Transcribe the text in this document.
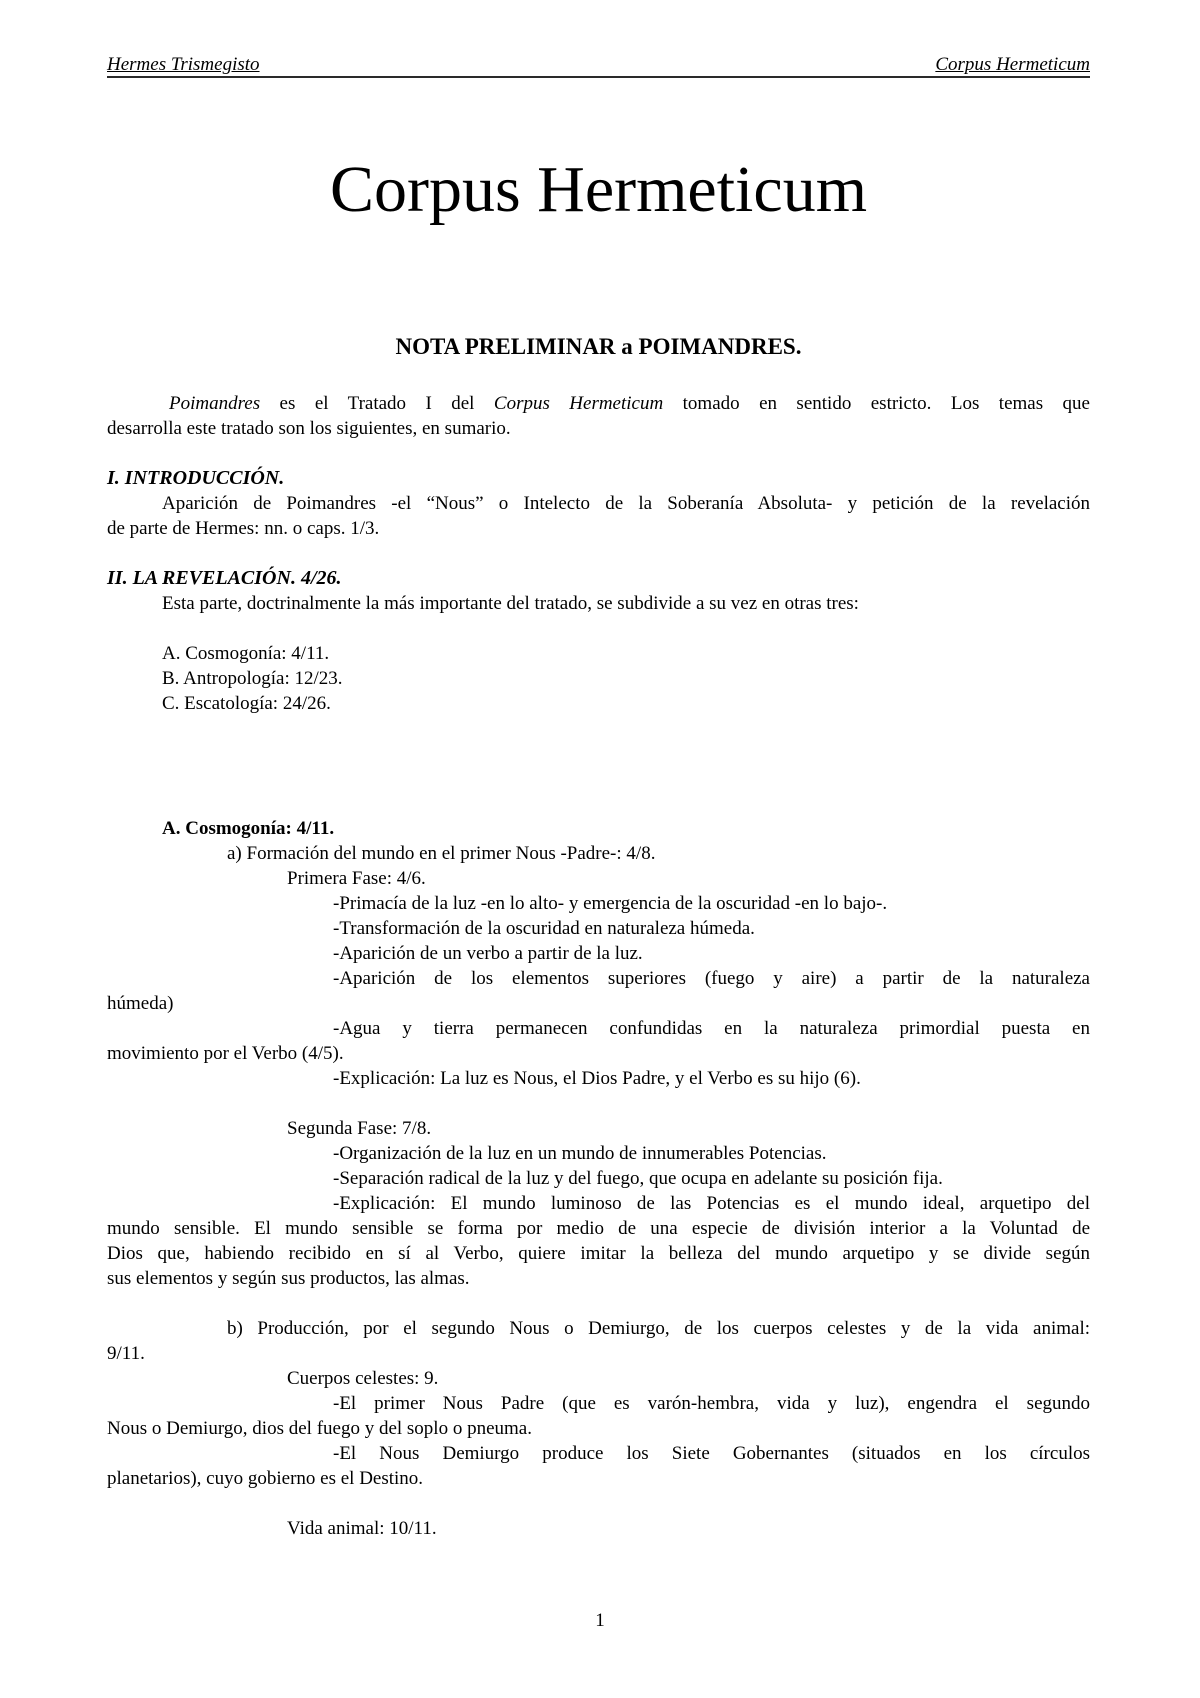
Hermes Trismegisto	Corpus Hermeticum
Corpus Hermeticum
NOTA PRELIMINAR a POIMANDRES.
Poimandres es el Tratado I del Corpus Hermeticum tomado en sentido estricto. Los temas que
desarrolla este tratado son los siguientes, en sumario.
I. INTRODUCCIÓN.
Aparición de Poimandres -el “Nous” o Intelecto de la Soberanía Absoluta- y petición de la revelación
de parte de Hermes: nn. o caps. 1/3.
II. LA REVELACIÓN. 4/26.
Esta parte, doctrinalmente la más importante del tratado, se subdivide a su vez en otras tres:
A. Cosmogonía: 4/11.
B. Antropología: 12/23.
C. Escatología: 24/26.
A. Cosmogonía: 4/11.
a) Formación del mundo en el primer Nous -Padre-: 4/8.
Primera Fase: 4/6.
-Primacía de la luz -en lo alto- y emergencia de la oscuridad -en lo bajo-.
-Transformación de la oscuridad en naturaleza húmeda.
-Aparición de un verbo a partir de la luz.
-Aparición de los elementos superiores (fuego y aire) a partir de la naturaleza
húmeda)
-Agua y tierra permanecen confundidas en la naturaleza primordial puesta en
movimiento por el Verbo (4/5).
-Explicación: La luz es Nous, el Dios Padre, y el Verbo es su hijo (6).
Segunda Fase: 7/8.
-Organización de la luz en un mundo de innumerables Potencias.
-Separación radical de la luz y del fuego, que ocupa en adelante su posición fija.
-Explicación: El mundo luminoso de las Potencias es el mundo ideal, arquetipo del
mundo sensible. El mundo sensible se forma por medio de una especie de división interior a la Voluntad de
Dios que, habiendo recibido en sí al Verbo, quiere imitar la belleza del mundo arquetipo y se divide según
sus elementos y según sus productos, las almas.
b) Producción, por el segundo Nous o Demiurgo, de los cuerpos celestes y de la vida animal:
9/11.
Cuerpos celestes: 9.
-El primer Nous Padre (que es varón-hembra, vida y luz), engendra el segundo
Nous o Demiurgo, dios del fuego y del soplo o pneuma.
-El Nous Demiurgo produce los Siete Gobernantes (situados en los círculos
planetarios), cuyo gobierno es el Destino.
Vida animal: 10/11.
1
